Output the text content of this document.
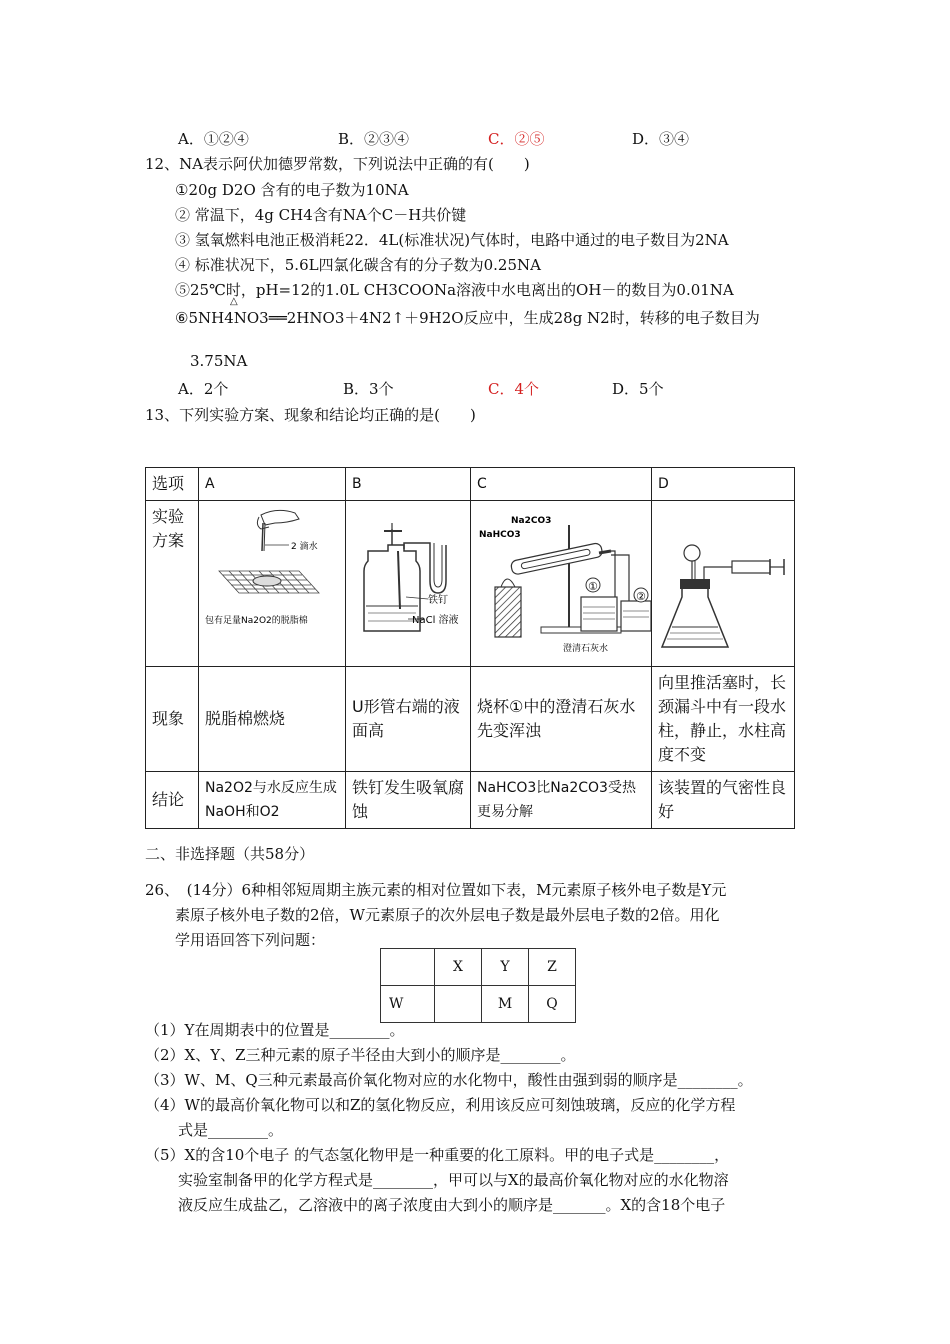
A．①②④	B．②③④	C．②⑤	D．③④
12、NA表示阿伏加德罗常数，下列说法中正确的有(　　)
①20g D2O 含有的电子数为10NA
② 常温下，4g CH4含有NA个C－H共价键
③ 氢氧燃料电池正极消耗22．4L(标准状况)气体时，电路中通过的电子数目为2NA
④ 标准状况下，5.6L四氯化碳含有的分子数为0.25NA
⑤25℃时，pH=12的1.0L CH3COONa溶液中水电离出的OH－的数目为0.01NA
△
⑥5NH4NO3══2HNO3＋4N2↑＋9H2O反应中，生成28g N2时，转移的电子数目为
3.75NA
A．2个	B．3个	C．4个	D．5个
13、下列实验方案、现象和结论均正确的是(　　)
选项	A	B	C	D
实验方案	2 滴水
包有足量Na2O2的脱脂棉	铁钉
NaCl 溶液	Na2CO3
NaHCO3
①
②
澄清石灰水

现象	脱脂棉燃烧	U形管右端的液面高	烧杯①中的澄清石灰水先变浑浊	向里推活塞时，长颈漏斗中有一段水柱，静止，水柱高度不变
结论	Na2O2与水反应生成NaOH和O2	铁钉发生吸氧腐蚀	NaHCO3比Na2CO3受热更易分解	该装置的气密性良好
二、非选择题（共58分）
26、　(14分）6种相邻短周期主族元素的相对位置如下表，M元素原子核外电子数是Y元
素原子核外电子数的2倍，W元素原子的次外层电子数是最外层电子数的2倍。用化
学用语回答下列问题：
	X	Y	Z
W		M	Q
（1）Y在周期表中的位置是________。
（2）X、Y、Z三种元素的原子半径由大到小的顺序是________。
（3）W、M、Q三种元素最高价氧化物对应的水化物中，酸性由强到弱的顺序是________。
（4）W的最高价氧化物可以和Z的氢化物反应，利用该反应可刻蚀玻璃，反应的化学方程
式是________。
（5）X的含10个电子 的气态氢化物甲是一种重要的化工原料。甲的电子式是________，
实验室制备甲的化学方程式是________，甲可以与X的最高价氧化物对应的水化物溶
液反应生成盐乙，乙溶液中的离子浓度由大到小的顺序是_______。X的含18个电子
